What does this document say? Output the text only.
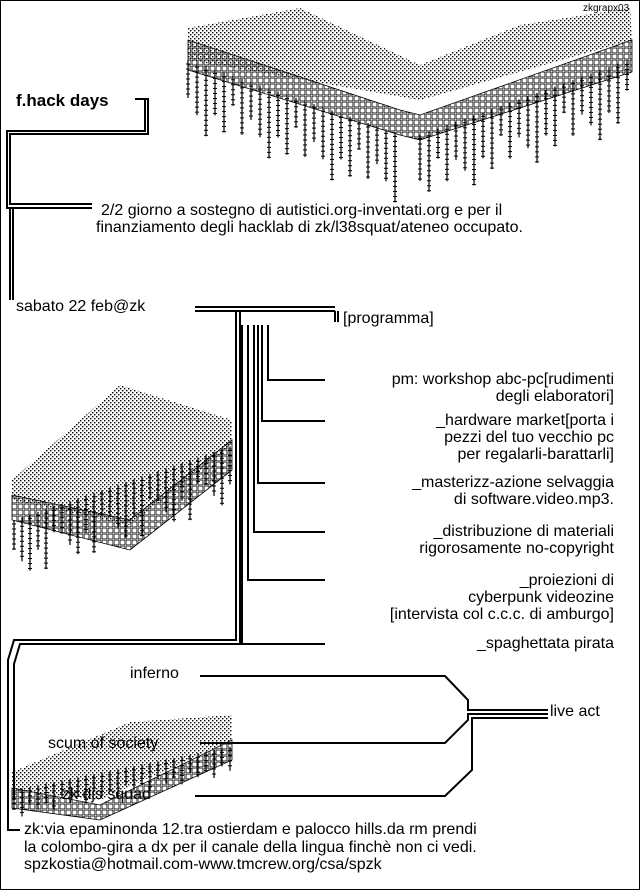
zkgrapx03
f.hack days
2/2 giorno a sostegno di autistici.org-inventati.org e per il
finanziamento degli hacklab di zk/l38squat/ateneo occupato.
sabato 22 feb@zk
[programma]
pm: workshop abc-pc[rudimenti
degli elaboratori]
_hardware market[porta i
pezzi del tuo vecchio pc
per regalarli-barattarli]
_masterizz-azione selvaggia
di software.video.mp3.
_distribuzione di materiali
rigorosamente no-copyright
_proiezioni di
cyberpunk videozine
[intervista col c.c.c. di amburgo]
_spaghettata pirata
inferno
scum of society
zk djs squad
live act
zk:via epaminonda 12.tra ostierdam e palocco hills.da rm prendi
la colombo-gira a dx per il canale della lingua finchè non ci vedi.
spzkostia@hotmail.com-www.tmcrew.org/csa/spzk
